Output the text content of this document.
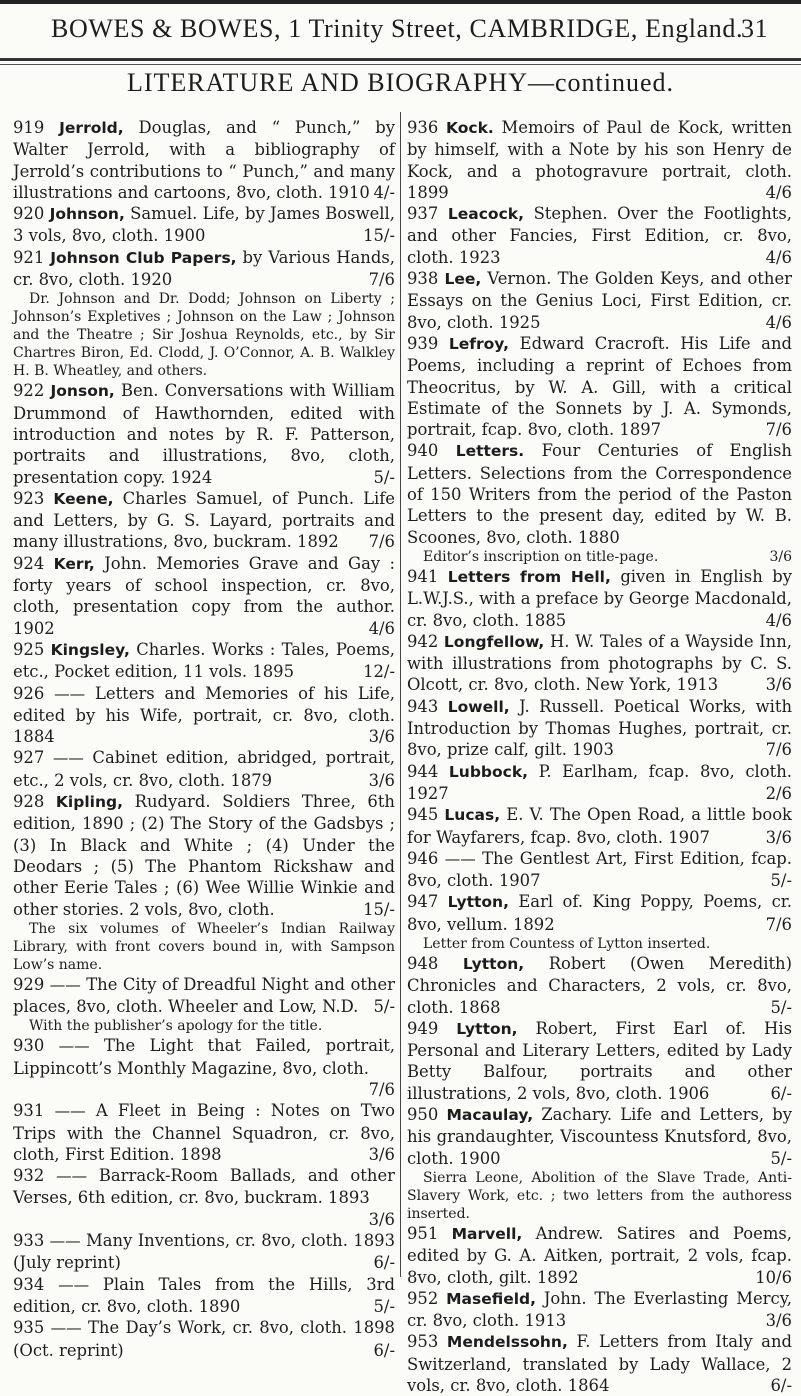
BOWES & BOWES, 1 Trinity Street, CAMBRIDGE, England.
31
LITERATURE AND BIOGRAPHY—continued.

919 Jerrold, Douglas, and “ Punch,” by Walter Jerrold, with a bibliography of Jerrold’s contributions to “ Punch,” and many illustrations and cartoons, 8vo, cloth. 1910 4/-

920 Johnson, Samuel. Life, by James Boswell, 3 vols, 8vo, cloth. 1900	15/-

921 Johnson Club Papers, by Various Hands, cr. 8vo, cloth. 1920	7/6
Dr. Johnson and Dr. Dodd; Johnson on Liberty ; Johnson’s Expletives ; Johnson on the Law ; Johnson and the Theatre ; Sir Joshua Reynolds, etc., by Sir Chartres Biron, Ed. Clodd, J. O’Connor, A. B. Walkley H. B. Wheatley, and others.

922 Jonson, Ben. Conversations with William Drummond of Hawthornden, edited with introduction and notes by R. F. Patterson, portraits and illustrations, 8vo, cloth, presentation copy. 1924	5/-

923 Keene, Charles Samuel, of Punch. Life and Letters, by G. S. Layard, portraits and many illustrations, 8vo, buckram. 1892 7/6

924 Kerr, John. Memories Grave and Gay : forty years of school inspection, cr. 8vo, cloth, presentation copy from the author. 1902	4/6

925 Kingsley, Charles. Works : Tales, Poems, etc., Pocket edition, 11 vols. 1895	12/-

926 —— Letters and Memories of his Life, edited by his Wife, portrait, cr. 8vo, cloth. 1884	3/6

927 —— Cabinet edition, abridged, portrait, etc., 2 vols, cr. 8vo, cloth. 1879	3/6

928 Kipling, Rudyard. Soldiers Three, 6th edition, 1890 ; (2) The Story of the Gadsbys ; (3) In Black and White ; (4) Under the Deodars ; (5) The Phantom Rickshaw and other Eerie Tales ; (6) Wee Willie Winkie and other stories. 2 vols, 8vo, cloth.	15/-
The six volumes of Wheeler’s Indian Railway Library, with front covers bound in, with Sampson Low’s name.

929 —— The City of Dreadful Night and other places, 8vo, cloth. Wheeler and Low, N.D. 5/-
With the publisher’s apology for the title.

930 —— The Light that Failed, portrait, Lippincott’s Monthly Magazine, 8vo, cloth.
7/6

931 —— A Fleet in Being : Notes on Two Trips with the Channel Squadron, cr. 8vo, cloth, First Edition. 1898	3/6

932 —— Barrack-Room Ballads, and other Verses, 6th edition, cr. 8vo, buckram. 1893
3/6

933 —— Many Inventions, cr. 8vo, cloth. 1893 (July reprint)	6/-

934 —— Plain Tales from the Hills, 3rd edition, cr. 8vo, cloth. 1890	5/-

935 —— The Day’s Work, cr. 8vo, cloth. 1898 (Oct. reprint)	6/-

936 Kock. Memoirs of Paul de Kock, written by himself, with a Note by his son Henry de Kock, and a photogravure portrait, cloth. 1899	4/6

937 Leacock, Stephen. Over the Footlights, and other Fancies, First Edition, cr. 8vo, cloth. 1923	4/6

938 Lee, Vernon. The Golden Keys, and other Essays on the Genius Loci, First Edition, cr. 8vo, cloth. 1925	4/6

939 Lefroy, Edward Cracroft. His Life and Poems, including a reprint of Echoes from Theocritus, by W. A. Gill, with a critical Estimate of the Sonnets by J. A. Symonds, portrait, fcap. 8vo, cloth. 1897	7/6

940 Letters. Four Centuries of English Letters. Selections from the Correspondence of 150 Writers from the period of the Paston Letters to the present day, edited by W. B. Scoones, 8vo, cloth. 1880
Editor’s inscription on title-page.	3/6

941 Letters from Hell, given in English by L.W.J.S., with a preface by George Macdonald, cr. 8vo, cloth. 1885	4/6

942 Longfellow, H. W. Tales of a Wayside Inn, with illustrations from photographs by C. S. Olcott, cr. 8vo, cloth. New York, 1913	3/6

943 Lowell, J. Russell. Poetical Works, with Introduction by Thomas Hughes, portrait, cr. 8vo, prize calf, gilt. 1903	7/6

944 Lubbock, P. Earlham, fcap. 8vo, cloth. 1927	2/6

945 Lucas, E. V. The Open Road, a little book for Wayfarers, fcap. 8vo, cloth. 1907	3/6

946 —— The Gentlest Art, First Edition, fcap. 8vo, cloth. 1907	5/-

947 Lytton, Earl of. King Poppy, Poems, cr. 8vo, vellum. 1892	7/6
Letter from Countess of Lytton inserted.

948 Lytton, Robert (Owen Meredith) Chronicles and Characters, 2 vols, cr. 8vo, cloth. 1868	5/-

949 Lytton, Robert, First Earl of. His Personal and Literary Letters, edited by Lady Betty Balfour, portraits and other illustrations, 2 vols, 8vo, cloth. 1906	6/-

950 Macaulay, Zachary. Life and Letters, by his grandaughter, Viscountess Knutsford, 8vo, cloth. 1900	5/-
Sierra Leone, Abolition of the Slave Trade, Anti-Slavery Work, etc. ; two letters from the authoress inserted.

951 Marvell, Andrew. Satires and Poems, edited by G. A. Aitken, portrait, 2 vols, fcap. 8vo, cloth, gilt. 1892	10/6

952 Masefield, John. The Everlasting Mercy, cr. 8vo, cloth. 1913	3/6

953 Mendelssohn, F. Letters from Italy and Switzerland, translated by Lady Wallace, 2 vols, cr. 8vo, cloth. 1864	6/-
